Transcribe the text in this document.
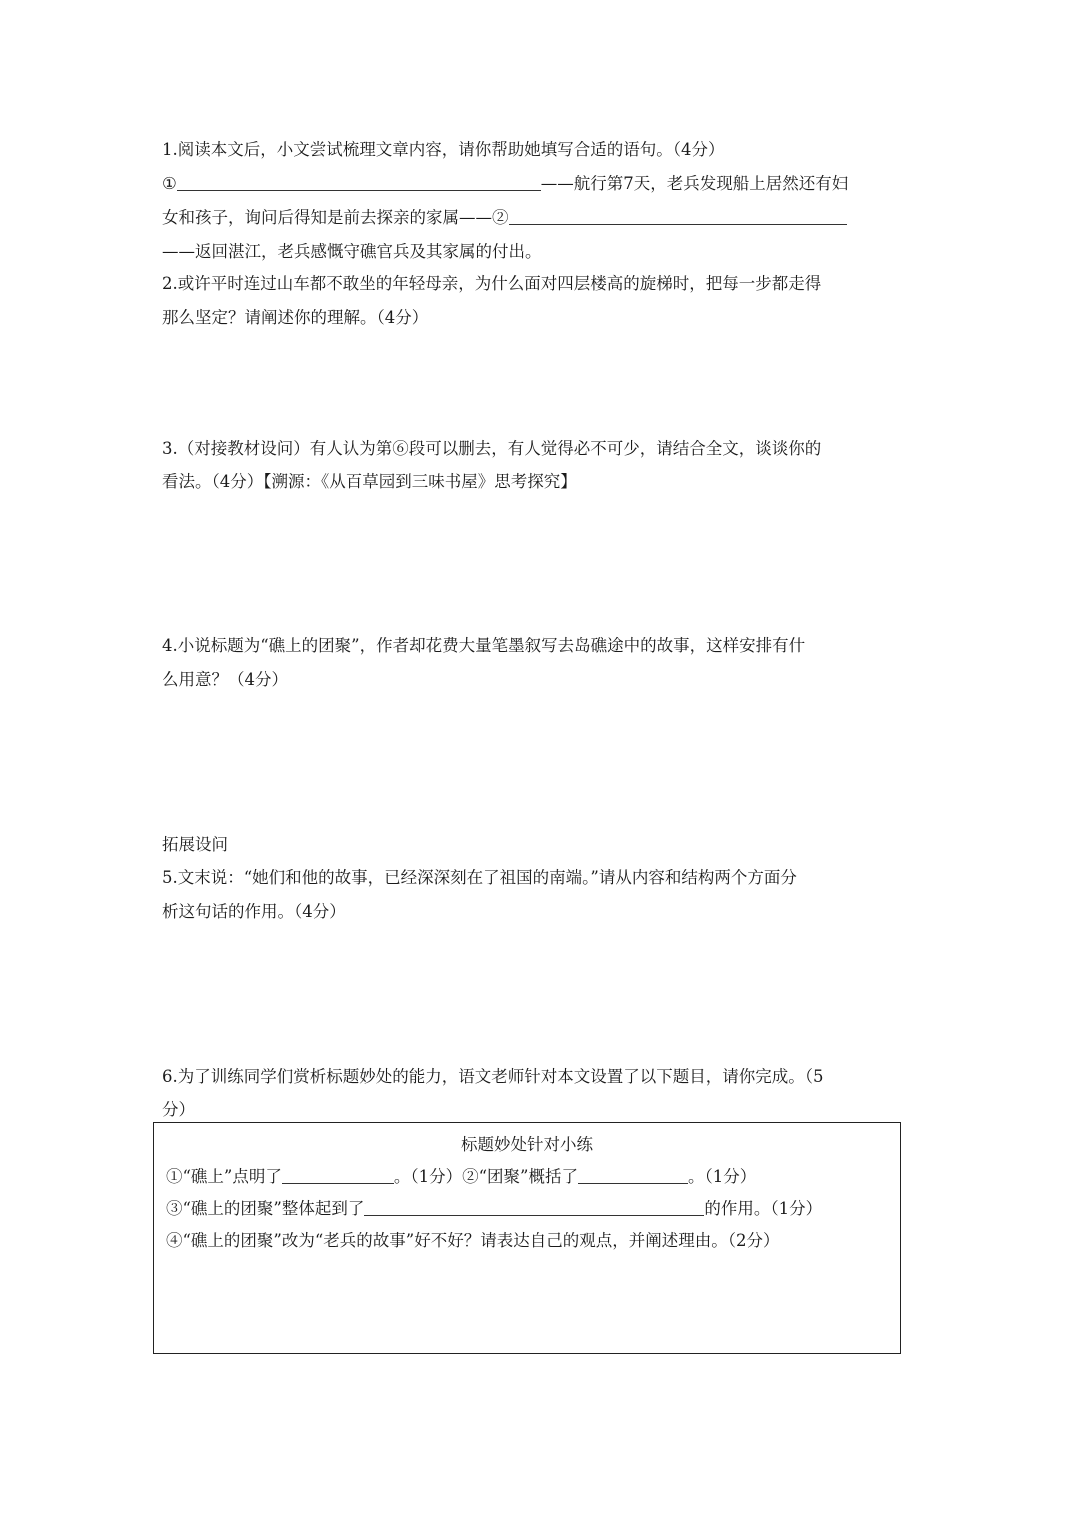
1.阅读本文后，小文尝试梳理文章内容，请你帮助她填写合适的语句。（4分）
①	——航行第7天，老兵发现船上居然还有妇
女和孩子，询问后得知是前去探亲的家属——②
——返回湛江，老兵感慨守礁官兵及其家属的付出。
2.或许平时连过山车都不敢坐的年轻母亲，为什么面对四层楼高的旋梯时，把每一步都走得
那么坚定？请阐述你的理解。（4分）
3.（对接教材设问）有人认为第⑥段可以删去，有人觉得必不可少，请结合全文，谈谈你的
看法。（4分）【溯源：《从百草园到三味书屋》思考探究】
4.小说标题为“礁上的团聚”，作者却花费大量笔墨叙写去岛礁途中的故事，这样安排有什
么用意？（4分）
拓展设问
5.文末说：“她们和他的故事，已经深深刻在了祖国的南端。”请从内容和结构两个方面分
析这句话的作用。（4分）
6.为了训练同学们赏析标题妙处的能力，语文老师针对本文设置了以下题目，请你完成。（5
分）
标题妙处针对小练
①“礁上”点明了	。（1分）②“团聚”概括了	。（1分）
③“礁上的团聚”整体起到了	的作用。（1分）
④“礁上的团聚”改为“老兵的故事”好不好？请表达自己的观点，并阐述理由。（2分）
